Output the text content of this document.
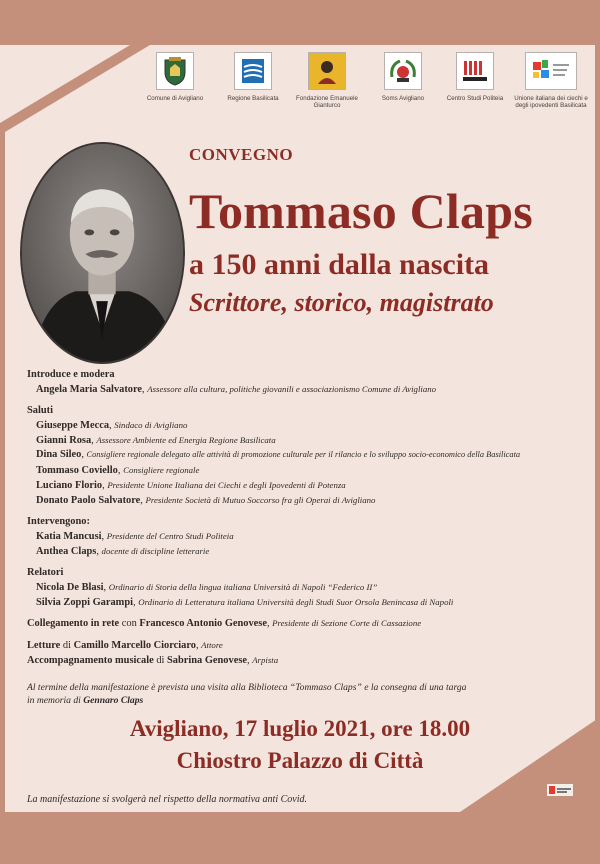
Comune di Avigliano	Regione Basilicata	Fondazione Emanuele Gianturco
Soms Avigliano	Centro Studi Politeia	Unione italiana dei ciechi e degli ipovedenti Basilicata
CONVEGNO
Tommaso Claps
a 150 anni dalla nascita
Scrittore, storico, magistrato
Introduce e modera
Angela Maria Salvatore, Assessore alla cultura, politiche giovanili e associazionismo Comune di Avigliano
Saluti
Giuseppe Mecca, Sindaco di Avigliano
Gianni Rosa, Assessore Ambiente ed Energia Regione Basilicata
Dina Sileo, Consigliere regionale delegato alle attività di promozione culturale per il rilancio e lo sviluppo socio-economico della Basilicata
Tommaso Coviello, Consigliere regionale
Luciano Florio, Presidente Unione Italiana dei Ciechi e degli Ipovedenti di Potenza
Donato Paolo Salvatore, Presidente Società di Mutuo Soccorso fra gli Operai di Avigliano
Intervengono:
Katia Mancusi, Presidente del Centro Studi Politeia
Anthea Claps, docente di discipline letterarie
Relatori
Nicola De Blasi, Ordinario di Storia della lingua italiana Università di Napoli “Federico II”
Silvia Zoppi Garampi, Ordinario di Letteratura italiana Università degli Studi Suor Orsola Benincasa di Napoli
Collegamento in rete con Francesco Antonio Genovese, Presidente di Sezione Corte di Cassazione
Letture di Camillo Marcello Ciorciaro, Attore
Accompagnamento musicale di Sabrina Genovese, Arpista
Al termine della manifestazione è prevista una visita alla Biblioteca “Tommaso Claps” e la consegna di una targa
in memoria di Gennaro Claps
Avigliano, 17 luglio 2021, ore 18.00
Chiostro Palazzo di Città
La manifestazione si svolgerà nel rispetto della normativa anti Covid.
